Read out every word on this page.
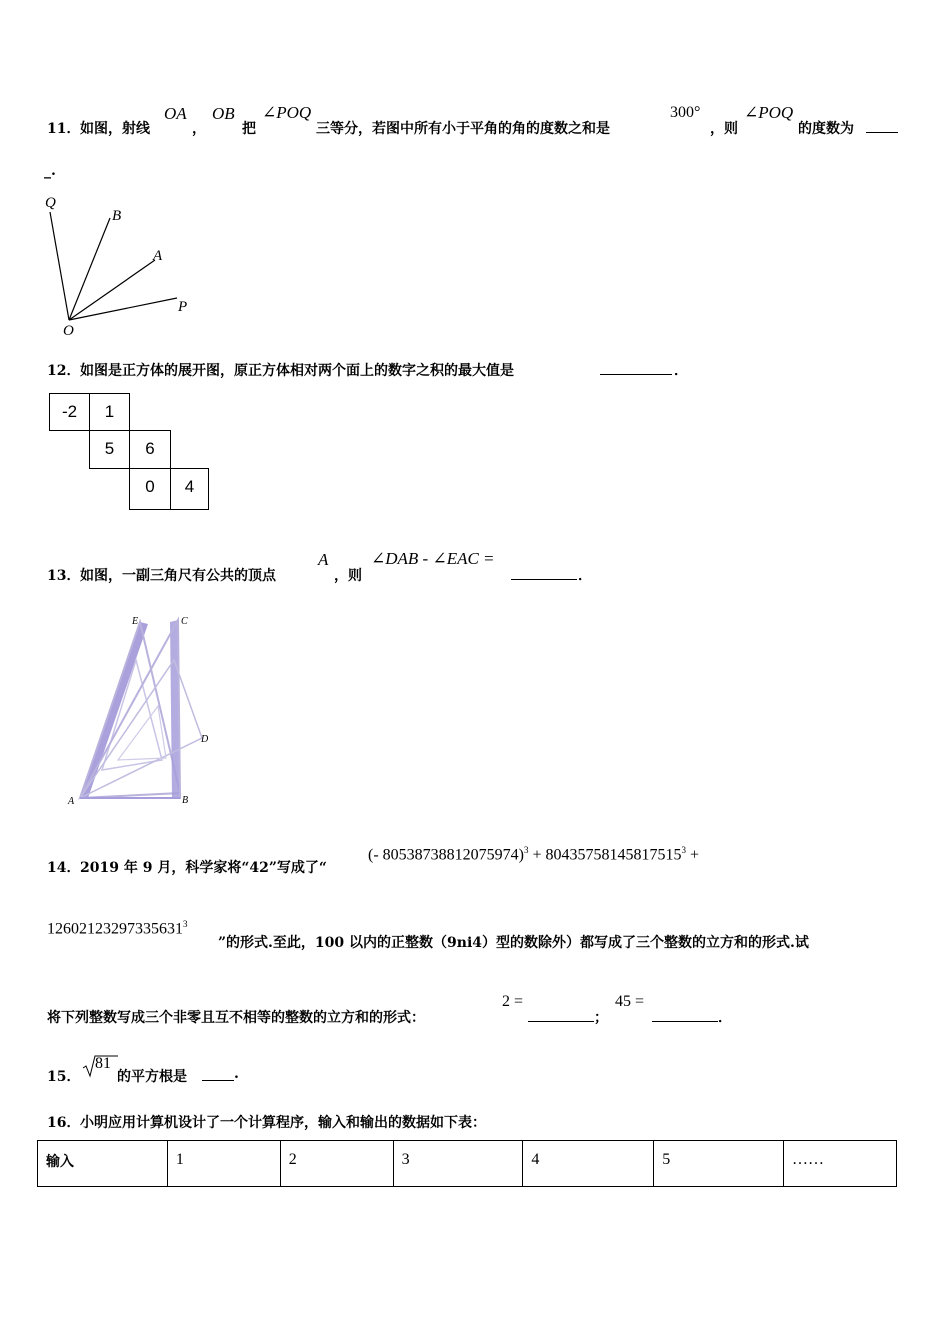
11． 如图，射线
OA
，
OB
把
∠POQ
三等分，若图中所有小于平角的角的度数之和是
300°
，则
∠POQ
的度数为
_.
Q
B
A
P
O
12． 如图是正方体的展开图，原正方体相对两个面上的数字之积的最大值是	．
-2	1
5	6
0	4
13． 如图，一副三角尺有公共的顶点
A
，则
∠DAB - ∠EAC =
．
E	C
D
A	B
14． 2019 年 9 月，科学家将“42”写成了“
(- $80538738812075974)^3 + 80435758145817515^3$ +
$12602123297335631^3$
”的形式.至此，100 以内的正整数（9ni4）型的数除外）都写成了三个整数的立方和的形式.试
将下列整数写成三个非零且互不相等的整数的立方和的形式：
2 =
；
45 =
．
15．
81
的平方根是	.
16． 小明应用计算机设计了一个计算程序，输入和输出的数据如下表：
输入	1	2	3	4	5	……
